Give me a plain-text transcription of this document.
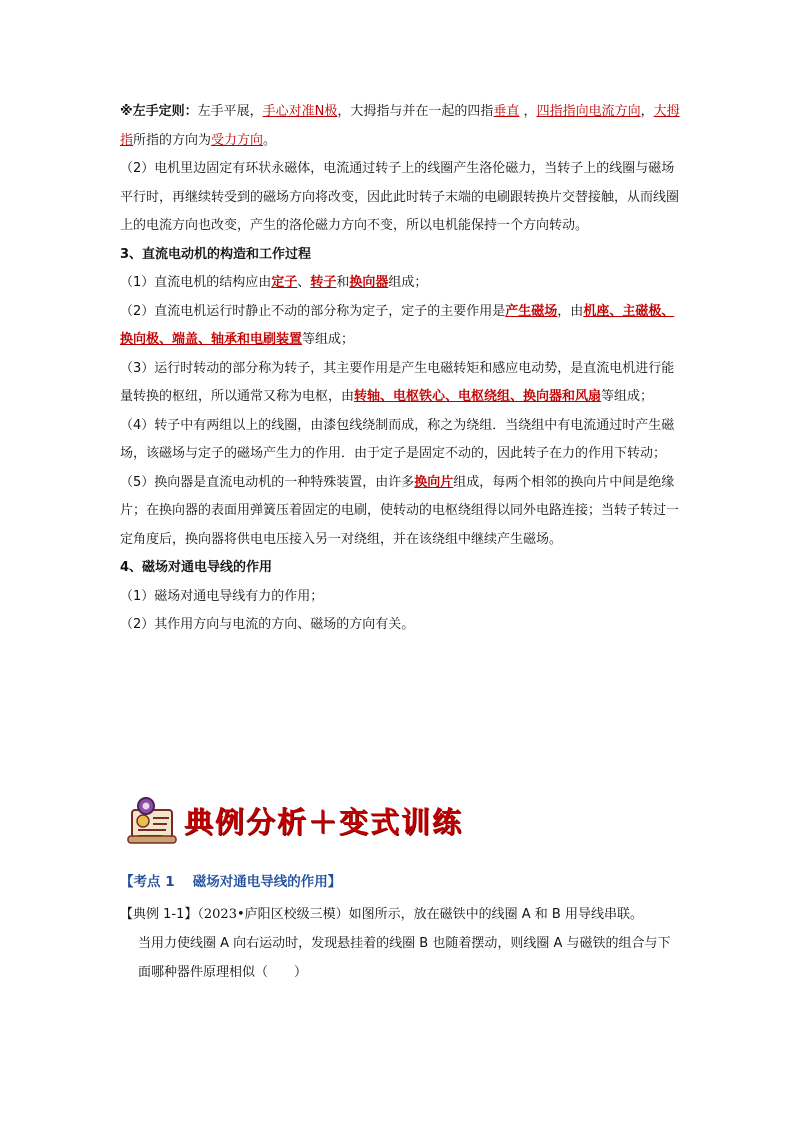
※左手定则：左手平展，手心对准N极，大拇指与并在一起的四指垂直 ，四指指向电流方向，大拇指所指的方向为受力方向。

（2）电机里边固定有环状永磁体，电流通过转子上的线圈产生洛伦磁力，当转子上的线圈与磁场平行时，再继续转受到的磁场方向将改变，因此此时转子末端的电刷跟转换片交替接触，从而线圈上的电流方向也改变，产生的洛伦磁力方向不变，所以电机能保持一个方向转动。

3、直流电动机的构造和工作过程

（1）直流电机的结构应由定子、转子和换向器组成；

（2）直流电机运行时静止不动的部分称为定子，定子的主要作用是产生磁场，由机座、主磁极、换向极、端盖、轴承和电刷装置等组成；

（3）运行时转动的部分称为转子，其主要作用是产生电磁转矩和感应电动势，是直流电机进行能量转换的枢纽，所以通常又称为电枢，由转轴、电枢铁心、电枢绕组、换向器和风扇等组成；

（4）转子中有两组以上的线圈，由漆包线绕制而成，称之为绕组．当绕组中有电流通过时产生磁场，该磁场与定子的磁场产生力的作用．由于定子是固定不动的，因此转子在力的作用下转动；

（5）换向器是直流电动机的一种特殊装置，由许多换向片组成，每两个相邻的换向片中间是绝缘片；在换向器的表面用弹簧压着固定的电刷，使转动的电枢绕组得以同外电路连接；当转子转过一定角度后，换向器将供电电压接入另一对绕组，并在该绕组中继续产生磁场。

4、磁场对通电导线的作用

（1）磁场对通电导线有力的作用；

（2）其作用方向与电流的方向、磁场的方向有关。

典例分析＋变式训练
【考点 1　 磁场对通电导线的作用】
【典例 1-1】（2023•庐阳区校级三模）如图所示，放在磁铁中的线圈 A 和 B 用导线串联。
当用力使线圈 A 向右运动时，发现悬挂着的线圈 B 也随着摆动，则线圈 A 与磁铁的组合与下面哪种器件原理相似（　　）
